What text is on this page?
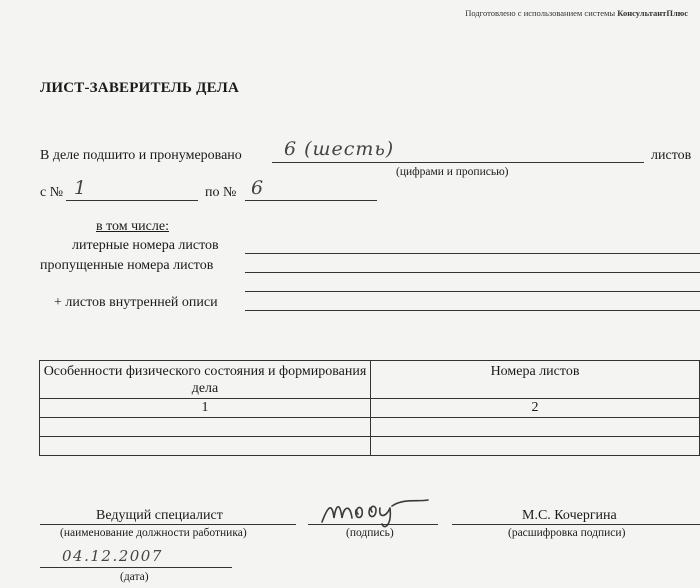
Подготовлено с использованием системы КонсультантПлюс
ЛИСТ-ЗАВЕРИТЕЛЬ ДЕЛА
В деле подшито и пронумеровано 6 (шесть)	листов
(цифрами и прописью)
с № 1	по № 6
в том числе:
литерные номера листов
пропущенные номера листов
+ листов внутренней описи
Особенности физического состояния и формирования дела	Номера листов
1	2

Ведущий специалист
(наименование должности работника)	(подпись)
М.С. Кочергина
(расшифровка подписи)
04.12.2007
(дата)
